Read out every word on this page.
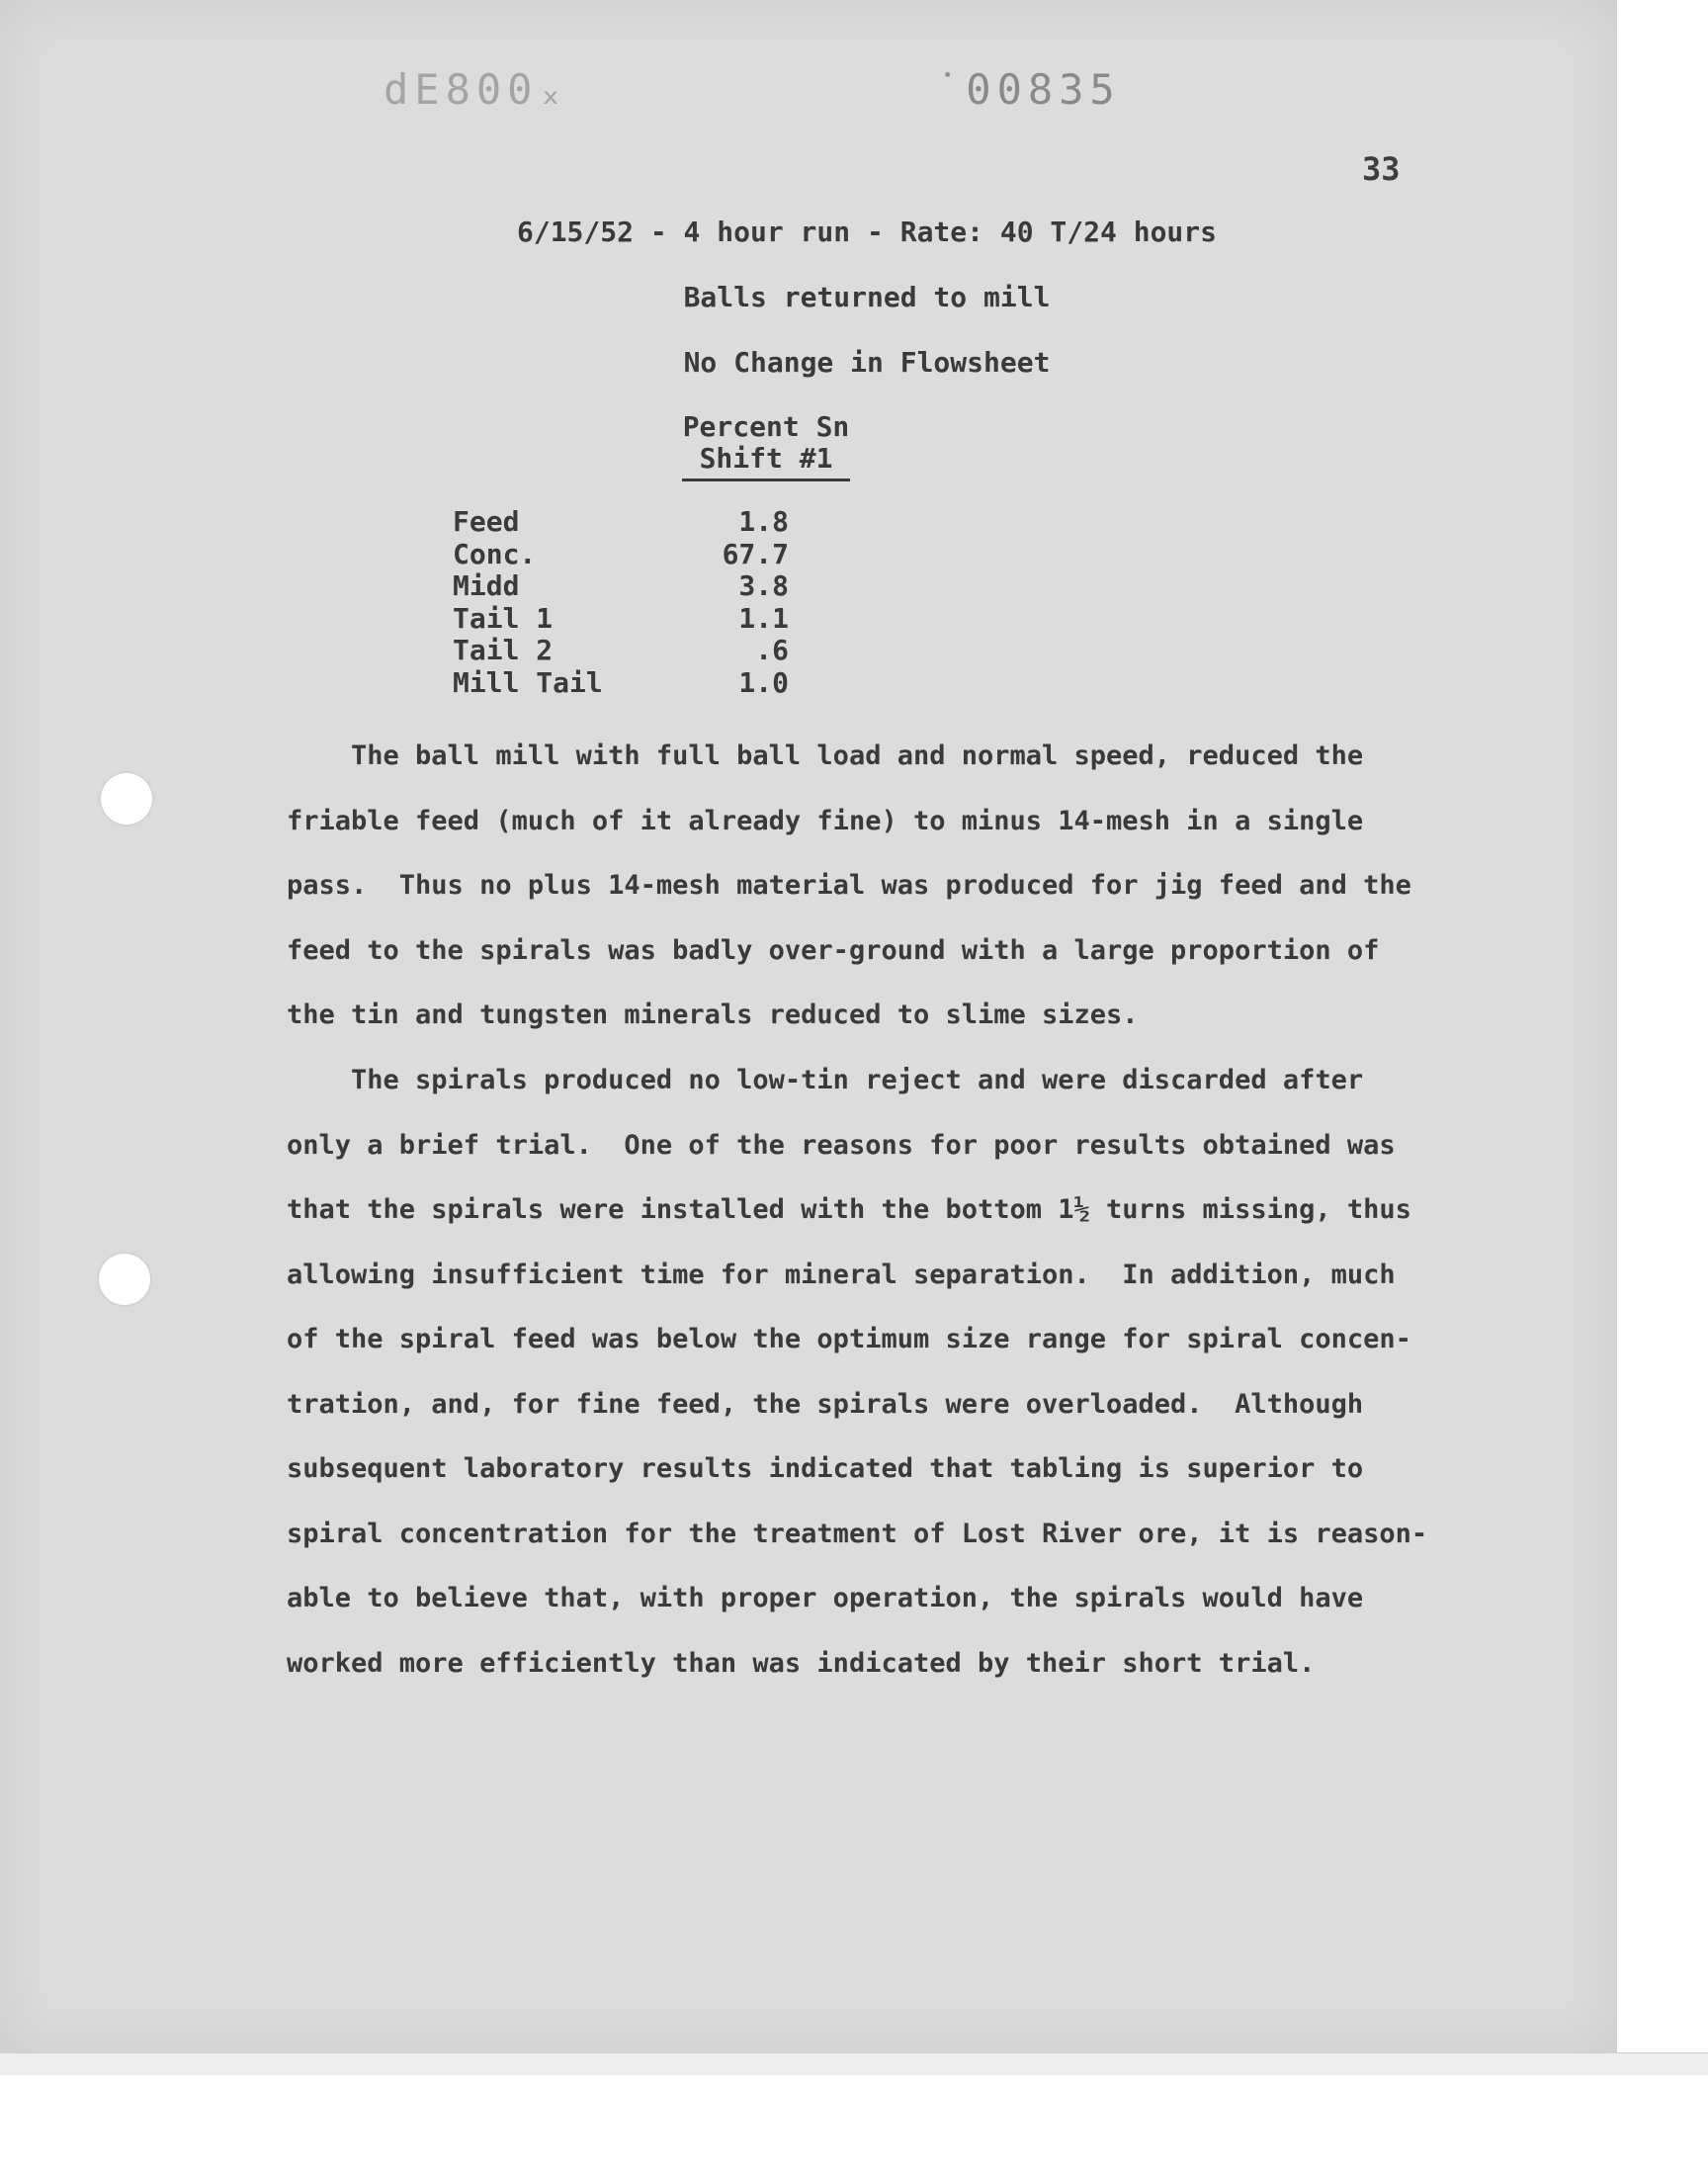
dE800ₓ	˙00835
33
6/15/52 - 4 hour run - Rate: 40 T/24 hours
Balls returned to mill
No Change in Flowsheet
Percent Sn

Shift #1
Feed	1.8
Conc.	67.7
Midd	3.8
Tail 1	1.1
Tail 2	.6
Mill Tail	1.0
The ball mill with full ball load and normal speed, reduced the
friable feed (much of it already fine) to minus 14-mesh in a single
pass.  Thus no plus 14-mesh material was produced for jig feed and the
feed to the spirals was badly over-ground with a large proportion of
the tin and tungsten minerals reduced to slime sizes.
The spirals produced no low-tin reject and were discarded after
only a brief trial.  One of the reasons for poor results obtained was
that the spirals were installed with the bottom 1½ turns missing, thus
allowing insufficient time for mineral separation.  In addition, much
of the spiral feed was below the optimum size range for spiral concen-
tration, and, for fine feed, the spirals were overloaded.  Although
subsequent laboratory results indicated that tabling is superior to
spiral concentration for the treatment of Lost River ore, it is reason-
able to believe that, with proper operation, the spirals would have
worked more efficiently than was indicated by their short trial.
